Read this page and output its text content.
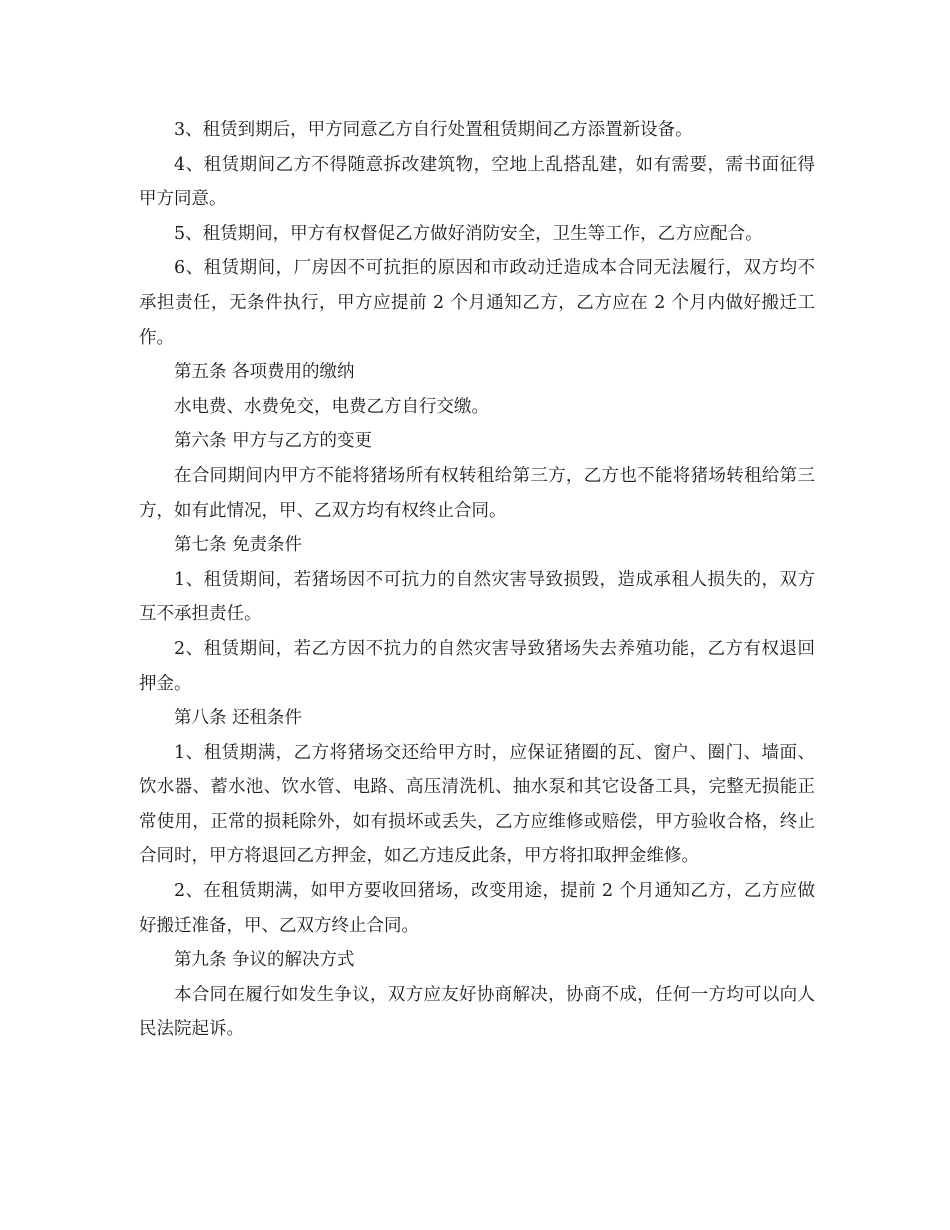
3、租赁到期后，甲方同意乙方自行处置租赁期间乙方添置新设备。

4、租赁期间乙方不得随意拆改建筑物，空地上乱搭乱建，如有需要，需书面征得甲方同意。

5、租赁期间，甲方有权督促乙方做好消防安全，卫生等工作，乙方应配合。

6、租赁期间，厂房因不可抗拒的原因和市政动迁造成本合同无法履行，双方均不承担责任，无条件执行，甲方应提前 2 个月通知乙方，乙方应在 2 个月内做好搬迁工作。

第五条 各项费用的缴纳

水电费、水费免交，电费乙方自行交缴。

第六条 甲方与乙方的变更

在合同期间内甲方不能将猪场所有权转租给第三方，乙方也不能将猪场转租给第三方，如有此情况，甲、乙双方均有权终止合同。

第七条 免责条件

1、租赁期间，若猪场因不可抗力的自然灾害导致损毁，造成承租人损失的，双方互不承担责任。

2、租赁期间，若乙方因不抗力的自然灾害导致猪场失去养殖功能，乙方有权退回押金。

第八条 还租条件

1、租赁期满，乙方将猪场交还给甲方时，应保证猪圈的瓦、窗户、圈门、墙面、饮水器、蓄水池、饮水管、电路、高压清洗机、抽水泵和其它设备工具，完整无损能正常使用，正常的损耗除外，如有损坏或丢失，乙方应维修或赔偿，甲方验收合格，终止合同时，甲方将退回乙方押金，如乙方违反此条，甲方将扣取押金维修。

2、在租赁期满，如甲方要收回猪场，改变用途，提前 2 个月通知乙方，乙方应做好搬迁准备，甲、乙双方终止合同。

第九条 争议的解决方式

本合同在履行如发生争议，双方应友好协商解决，协商不成，任何一方均可以向人民法院起诉。
